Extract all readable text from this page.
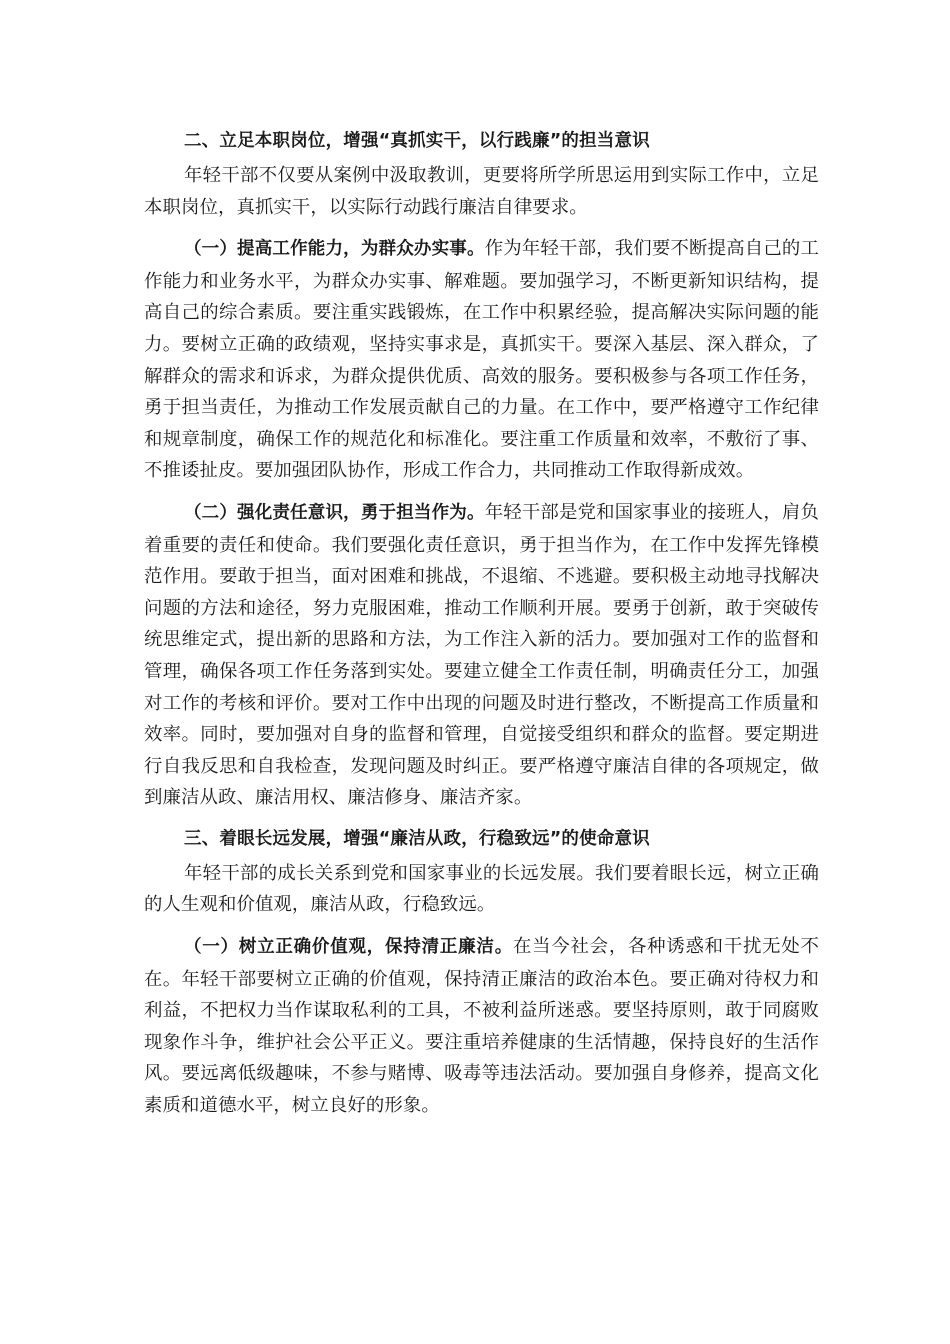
二、立足本职岗位，增强“真抓实干，以行践廉”的担当意识

年轻干部不仅要从案例中汲取教训，更要将所学所思运用到实际工作中，立足本职岗位，真抓实干，以实际行动践行廉洁自律要求。

（一）提高工作能力，为群众办实事。作为年轻干部，我们要不断提高自己的工作能力和业务水平，为群众办实事、解难题。要加强学习，不断更新知识结构，提高自己的综合素质。要注重实践锻炼，在工作中积累经验，提高解决实际问题的能力。要树立正确的政绩观，坚持实事求是，真抓实干。要深入基层、深入群众，了解群众的需求和诉求，为群众提供优质、高效的服务。要积极参与各项工作任务，勇于担当责任，为推动工作发展贡献自己的力量。在工作中，要严格遵守工作纪律和规章制度，确保工作的规范化和标准化。要注重工作质量和效率，不敷衍了事、不推诿扯皮。要加强团队协作，形成工作合力，共同推动工作取得新成效。

（二）强化责任意识，勇于担当作为。年轻干部是党和国家事业的接班人，肩负着重要的责任和使命。我们要强化责任意识，勇于担当作为，在工作中发挥先锋模范作用。要敢于担当，面对困难和挑战，不退缩、不逃避。要积极主动地寻找解决问题的方法和途径，努力克服困难，推动工作顺利开展。要勇于创新，敢于突破传统思维定式，提出新的思路和方法，为工作注入新的活力。要加强对工作的监督和管理，确保各项工作任务落到实处。要建立健全工作责任制，明确责任分工，加强对工作的考核和评价。要对工作中出现的问题及时进行整改，不断提高工作质量和效率。同时，要加强对自身的监督和管理，自觉接受组织和群众的监督。要定期进行自我反思和自我检查，发现问题及时纠正。要严格遵守廉洁自律的各项规定，做到廉洁从政、廉洁用权、廉洁修身、廉洁齐家。

三、着眼长远发展，增强“廉洁从政，行稳致远”的使命意识

年轻干部的成长关系到党和国家事业的长远发展。我们要着眼长远，树立正确的人生观和价值观，廉洁从政，行稳致远。

（一）树立正确价值观，保持清正廉洁。在当今社会，各种诱惑和干扰无处不在。年轻干部要树立正确的价值观，保持清正廉洁的政治本色。要正确对待权力和利益，不把权力当作谋取私利的工具，不被利益所迷惑。要坚持原则，敢于同腐败现象作斗争，维护社会公平正义。要注重培养健康的生活情趣，保持良好的生活作风。要远离低级趣味，不参与赌博、吸毒等违法活动。要加强自身修养，提高文化素质和道德水平，树立良好的形象。
